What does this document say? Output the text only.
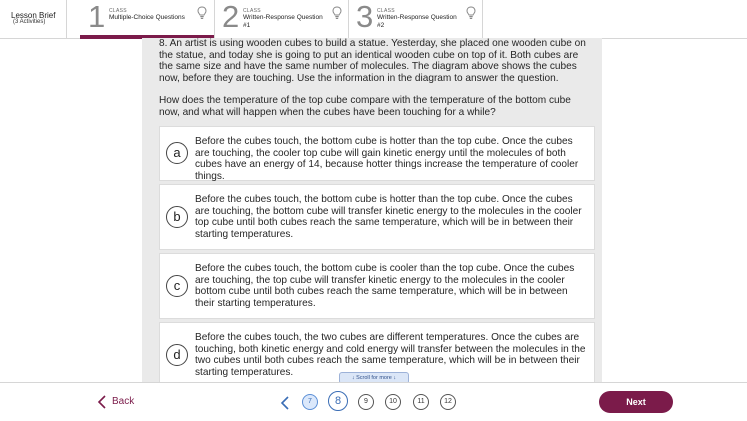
Lesson Brief
(3 Activities) 1 CLASS
Multiple-Choice Questions	2 CLASS
Written-Response Question #1	3 CLASS
Written-Response Question #2
8. An artist is using wooden cubes to build a statue. Yesterday, she placed one wooden cube on the statue, and today she is going to put an identical wooden cube on top of it. Both cubes are the same size and have the same number of molecules. The diagram above shows the cubes now, before they are touching. Use the information in the diagram to answer the question.
How does the temperature of the top cube compare with the temperature of the bottom cube now, and what will happen when the cubes have been touching for a while?
a
Before the cubes touch, the bottom cube is hotter than the top cube. Once the cubes are touching, the cooler top cube will gain kinetic energy until the molecules of both cubes have an energy of 14, because hotter things increase the temperature of cooler things.
b
Before the cubes touch, the bottom cube is hotter than the top cube. Once the cubes are touching, the bottom cube will transfer kinetic energy to the molecules in the cooler top cube until both cubes reach the same temperature, which will be in between their starting temperatures.
c
Before the cubes touch, the bottom cube is cooler than the top cube. Once the cubes are touching, the top cube will transfer kinetic energy to the molecules in the cooler bottom cube until both cubes reach the same temperature, which will be in between their starting temperatures.
d
Before the cubes touch, the two cubes are different temperatures. Once the cubes are touching, both kinetic energy and cold energy will transfer between the molecules in the two cubes until both cubes reach the same temperature, which will be in between their starting temperatures.
↓ Scroll for more ↓
Back	7	8	9	10	11	12	Next
